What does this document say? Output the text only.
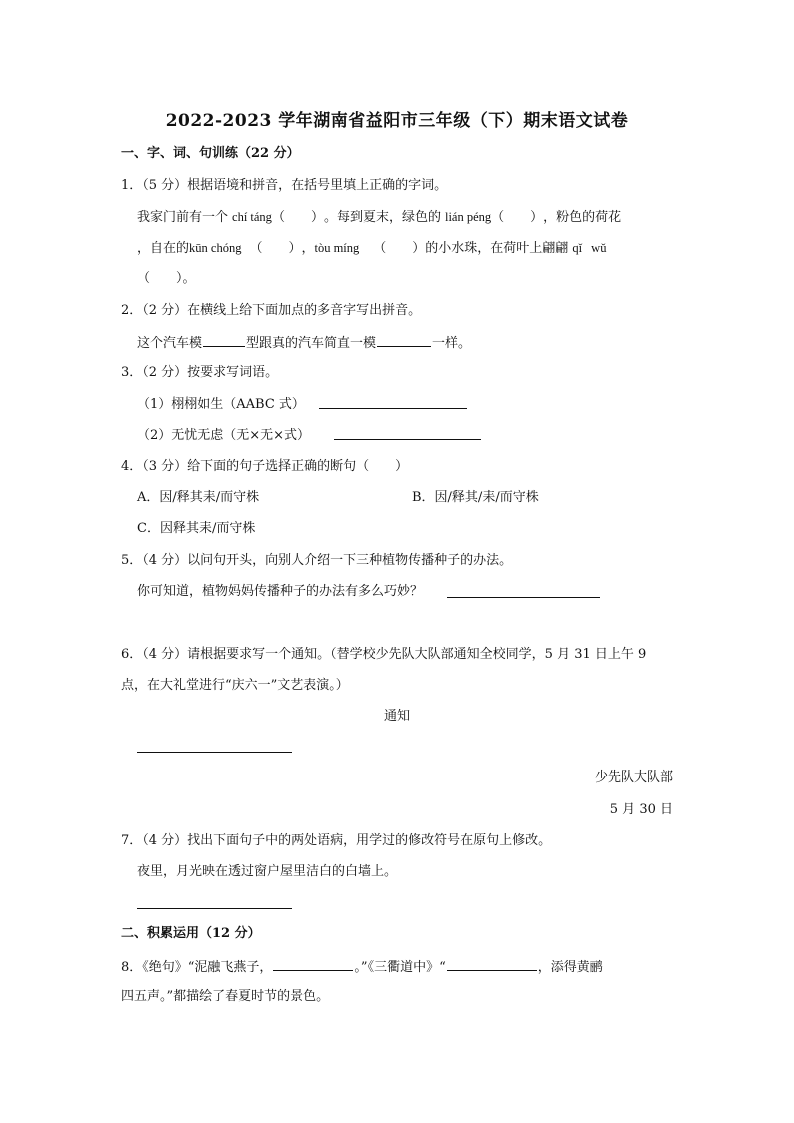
2022-2023 学年湖南省益阳市三年级（下）期末语文试卷
一、字、词、句训练（22 分）
1．（5 分）根据语境和拼音，在括号里填上正确的字词。
我家门前有一个 chí táng（　　）。每到夏末，绿色的 lián péng（　　），粉色的荷花
，自在的kūn chóng （　　），tòu míng （　　）的小水珠，在荷叶上翩翩 qǐ wǔ
（　　）。
2．（2 分）在横线上给下面加点的多音字写出拼音。
这个汽车模	型跟真的汽车简直一模	一样。
3．（2 分）按要求写词语。
（1）栩栩如生（AABC 式）
（2）无忧无虑（无×无×式）
4．（3 分）给下面的句子选择正确的断句（　　）
A．因/释其耒/而守株	B．因/释其/耒/而守株
C．因释其耒/而守株
5．（4 分）以问句开头，向别人介绍一下三种植物传播种子的办法。
你可知道，植物妈妈传播种子的办法有多么巧妙？
6．（4 分）请根据要求写一个通知。（替学校少先队大队部通知全校同学，5 月 31 日上午 9
点，在大礼堂进行“庆六一”文艺表演。）
通知
少先队大队部
5 月 30 日
7．（4 分）找出下面句子中的两处语病，用学过的修改符号在原句上修改。
夜里，月光映在透过窗户屋里洁白的白墙上。
二、积累运用（12 分）
8．《绝句》“泥融飞燕子，	。”《三衢道中》“	，添得黄鹂
四五声。”都描绘了春夏时节的景色。
